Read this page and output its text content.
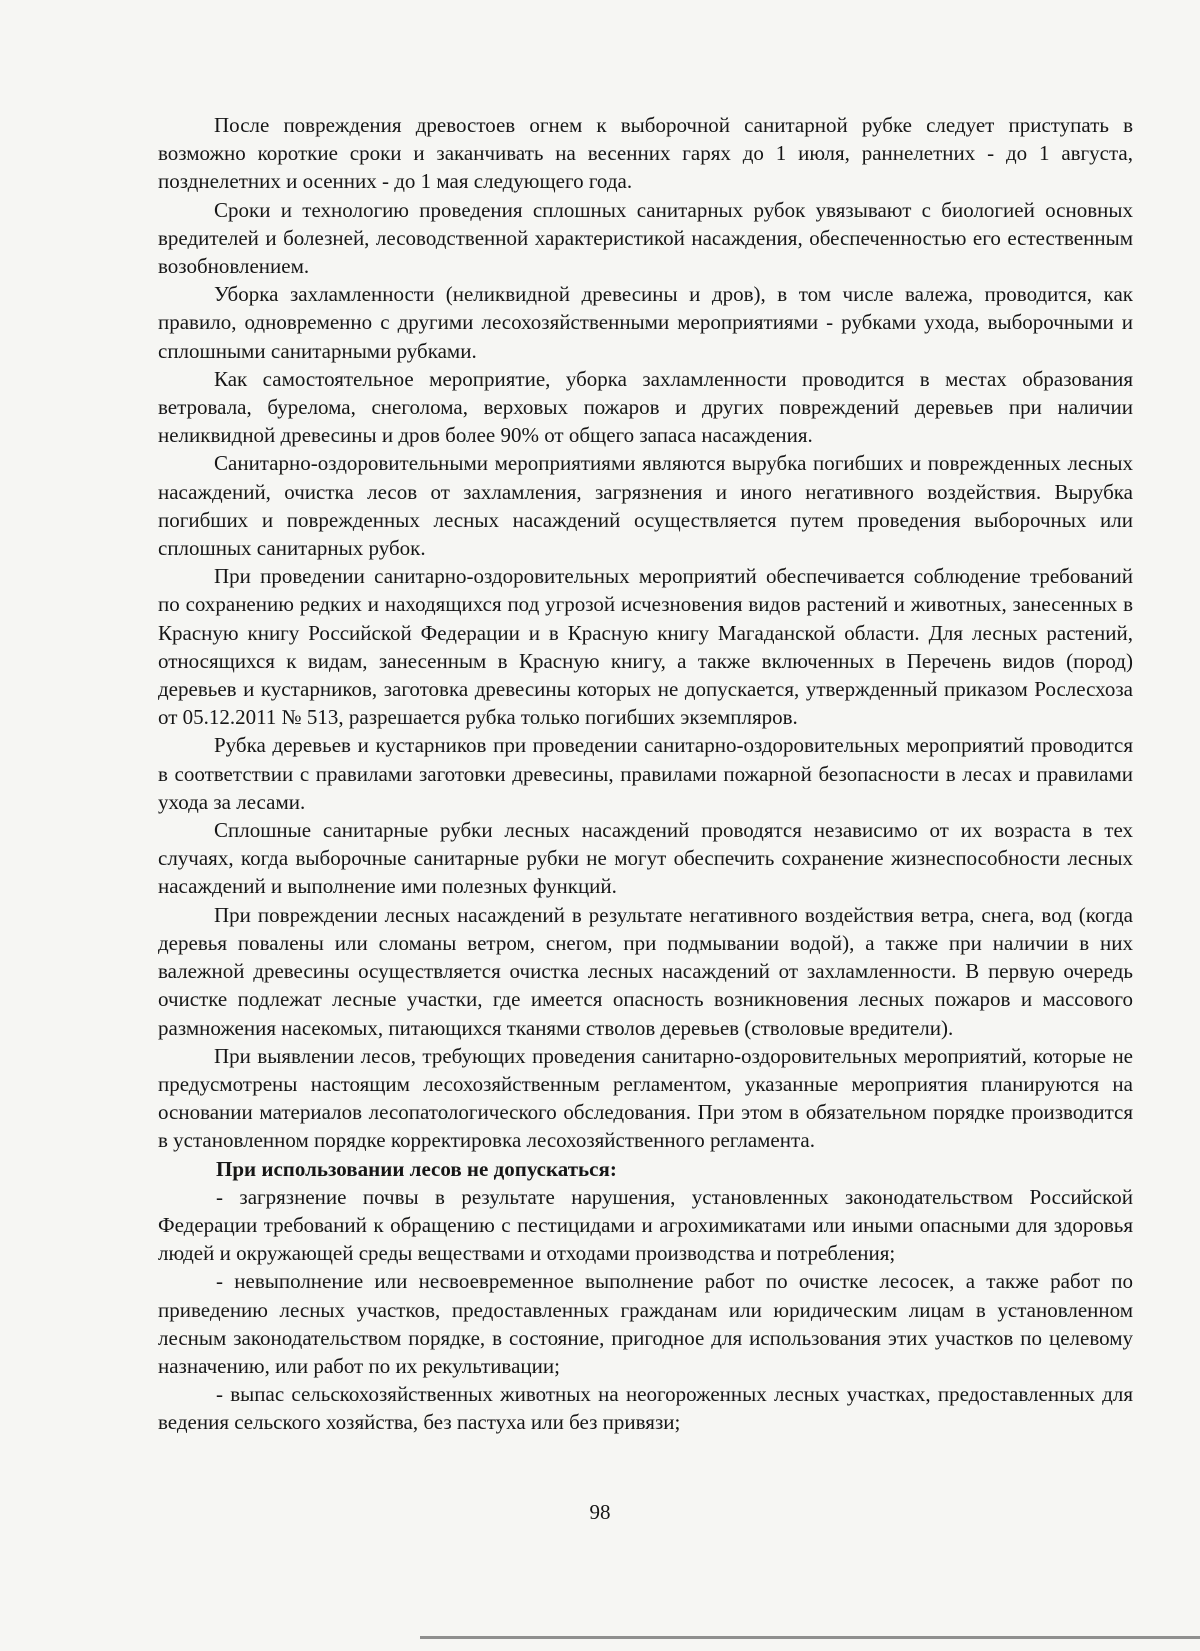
После повреждения древостоев огнем к выборочной санитарной рубке следует приступать в возможно короткие сроки и заканчивать на весенних гарях до 1 июля, раннелетних - до 1 августа, позднелетних и осенних - до 1 мая следующего года.

Сроки и технологию проведения сплошных санитарных рубок увязывают с биологией основных вредителей и болезней, лесоводственной характеристикой насаждения, обеспеченностью его естественным возобновлением.

Уборка захламленности (неликвидной древесины и дров), в том числе валежа, проводится, как правило, одновременно с другими лесохозяйственными мероприятиями - рубками ухода, выборочными и сплошными санитарными рубками.

Как самостоятельное мероприятие, уборка захламленности проводится в местах образования ветровала, бурелома, снеголома, верховых пожаров и других повреждений деревьев при наличии неликвидной древесины и дров более 90% от общего запаса насаждения.

Санитарно-оздоровительными мероприятиями являются вырубка погибших и поврежденных лесных насаждений, очистка лесов от захламления, загрязнения и иного негативного воздействия. Вырубка погибших и поврежденных лесных насаждений осуществляется путем проведения выборочных или сплошных санитарных рубок.

При проведении санитарно-оздоровительных мероприятий обеспечивается соблюдение требований по сохранению редких и находящихся под угрозой исчезновения видов растений и животных, занесенных в Красную книгу Российской Федерации и в Красную книгу Магаданской области. Для лесных растений, относящихся к видам, занесенным в Красную книгу, а также включенных в Перечень видов (пород) деревьев и кустарников, заготовка древесины которых не допускается, утвержденный приказом Рослесхоза от 05.12.2011 № 513, разрешается рубка только погибших экземпляров.

Рубка деревьев и кустарников при проведении санитарно-оздоровительных мероприятий проводится в соответствии с правилами заготовки древесины, правилами пожарной безопасности в лесах и правилами ухода за лесами.

Сплошные санитарные рубки лесных насаждений проводятся независимо от их возраста в тех случаях, когда выборочные санитарные рубки не могут обеспечить сохранение жизнеспособности лесных насаждений и выполнение ими полезных функций.

При повреждении лесных насаждений в результате негативного воздействия ветра, снега, вод (когда деревья повалены или сломаны ветром, снегом, при подмывании водой), а также при наличии в них валежной древесины осуществляется очистка лесных насаждений от захламленности. В первую очередь очистке подлежат лесные участки, где имеется опасность возникновения лесных пожаров и массового размножения насекомых, питающихся тканями стволов деревьев (стволовые вредители).

При выявлении лесов, требующих проведения санитарно-оздоровительных мероприятий, которые не предусмотрены настоящим лесохозяйственным регламентом, указанные мероприятия планируются на основании материалов лесопатологического обследования. При этом в обязательном порядке производится в установленном порядке корректировка лесохозяйственного регламента.

При использовании лесов не допускаться:

- загрязнение почвы в результате нарушения, установленных законодательством Российской Федерации требований к обращению с пестицидами и агрохимикатами или иными опасными для здоровья людей и окружающей среды веществами и отходами производства и потребления;

- невыполнение или несвоевременное выполнение работ по очистке лесосек, а также работ по приведению лесных участков, предоставленных гражданам или юридическим лицам в установленном лесным законодательством порядке, в состояние, пригодное для использования этих участков по целевому назначению, или работ по их рекультивации;

- выпас сельскохозяйственных животных на неогороженных лесных участках, предоставленных для ведения сельского хозяйства, без пастуха или без привязи;

98
